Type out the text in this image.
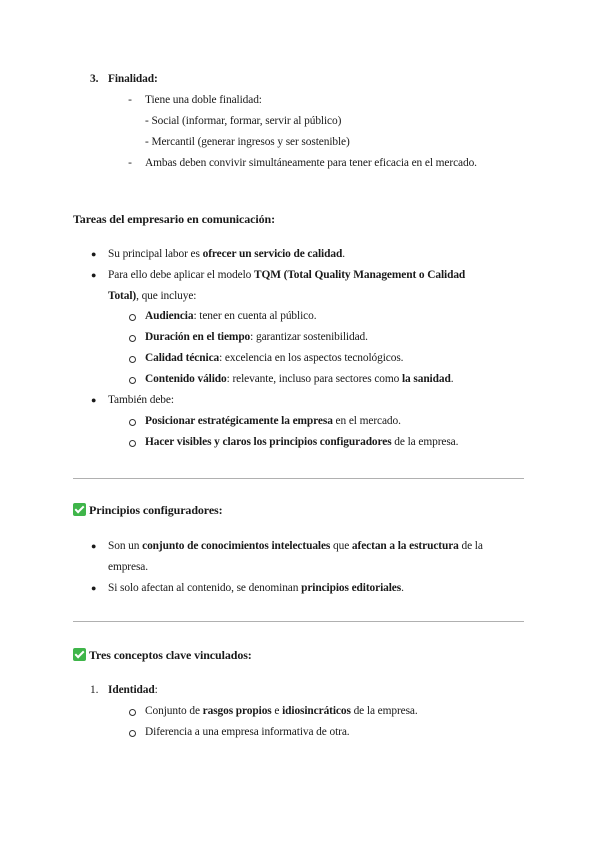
3. Finalidad:
- Tiene una doble finalidad:
- Social (informar, formar, servir al público)
- Mercantil (generar ingresos y ser sostenible)
- Ambas deben convivir simultáneamente para tener eficacia en el mercado.
Tareas del empresario en comunicación:
● Su principal labor es ofrecer un servicio de calidad.
● Para ello debe aplicar el modelo TQM (Total Quality Management o Calidad
Total), que incluye:
Audiencia: tener en cuenta al público.
Duración en el tiempo: garantizar sostenibilidad.
Calidad técnica: excelencia en los aspectos tecnológicos.
Contenido válido: relevante, incluso para sectores como la sanidad.
● También debe:
Posicionar estratégicamente la empresa en el mercado.
Hacer visibles y claros los principios configuradores de la empresa.
Principios configuradores:
● Son un conjunto de conocimientos intelectuales que afectan a la estructura de la
empresa.
● Si solo afectan al contenido, se denominan principios editoriales.
Tres conceptos clave vinculados:
1. Identidad:
Conjunto de rasgos propios e idiosincráticos de la empresa.
Diferencia a una empresa informativa de otra.
